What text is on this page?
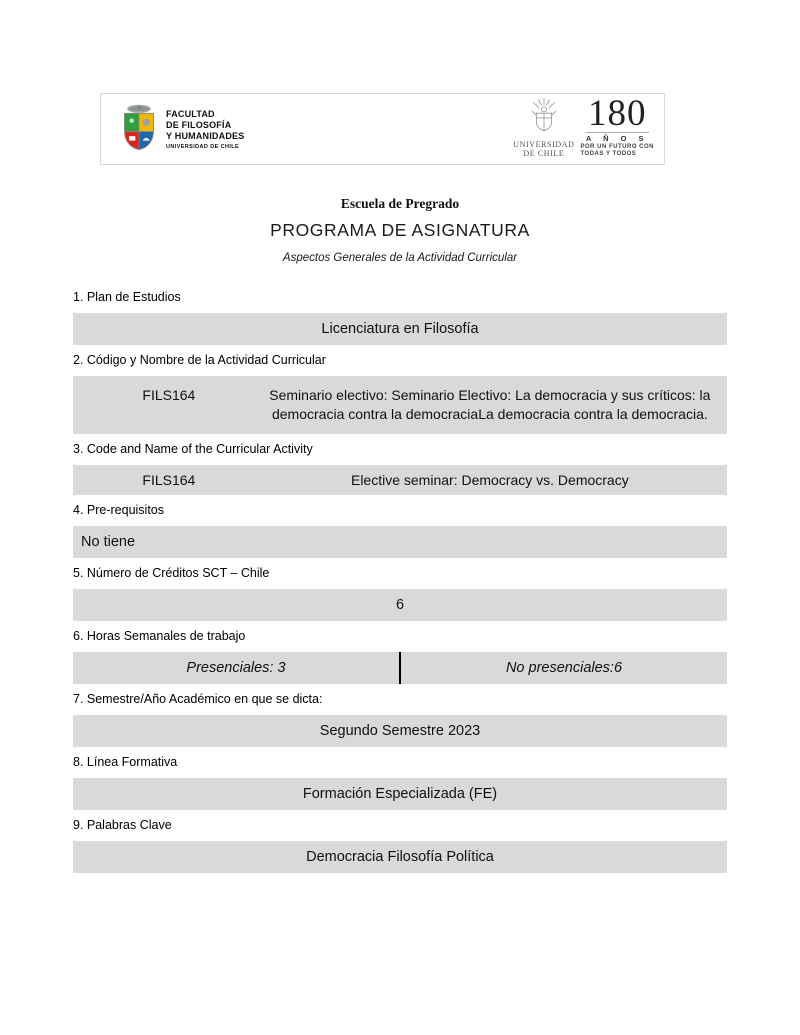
FACULTAD
DE FILOSOFÍA
Y HUMANIDADES
UNIVERSIDAD DE CHILE	UNIVERSIDAD
DE CHILE
180
A Ñ O S
POR UN FUTURO CON
TODAS Y TODOS
Escuela de Pregrado
PROGRAMA DE ASIGNATURA
Aspectos Generales de la Actividad Curricular
1. Plan de Estudios
Licenciatura en Filosofía
2. Código y Nombre de la Actividad Curricular
FILS164	Seminario electivo: Seminario Electivo: La democracia y sus críticos: la democracia contra la democraciaLa democracia contra la democracia.
3. Code and Name of the Curricular Activity
FILS164	Elective seminar: Democracy vs. Democracy
4. Pre-requisitos
No tiene
5. Número de Créditos SCT – Chile
6
6. Horas Semanales de trabajo
Presenciales: 3	No presenciales:6
7. Semestre/Año Académico en que se dicta:
Segundo Semestre 2023
8. Línea Formativa
Formación Especializada (FE)
9. Palabras Clave
Democracia Filosofía Política
